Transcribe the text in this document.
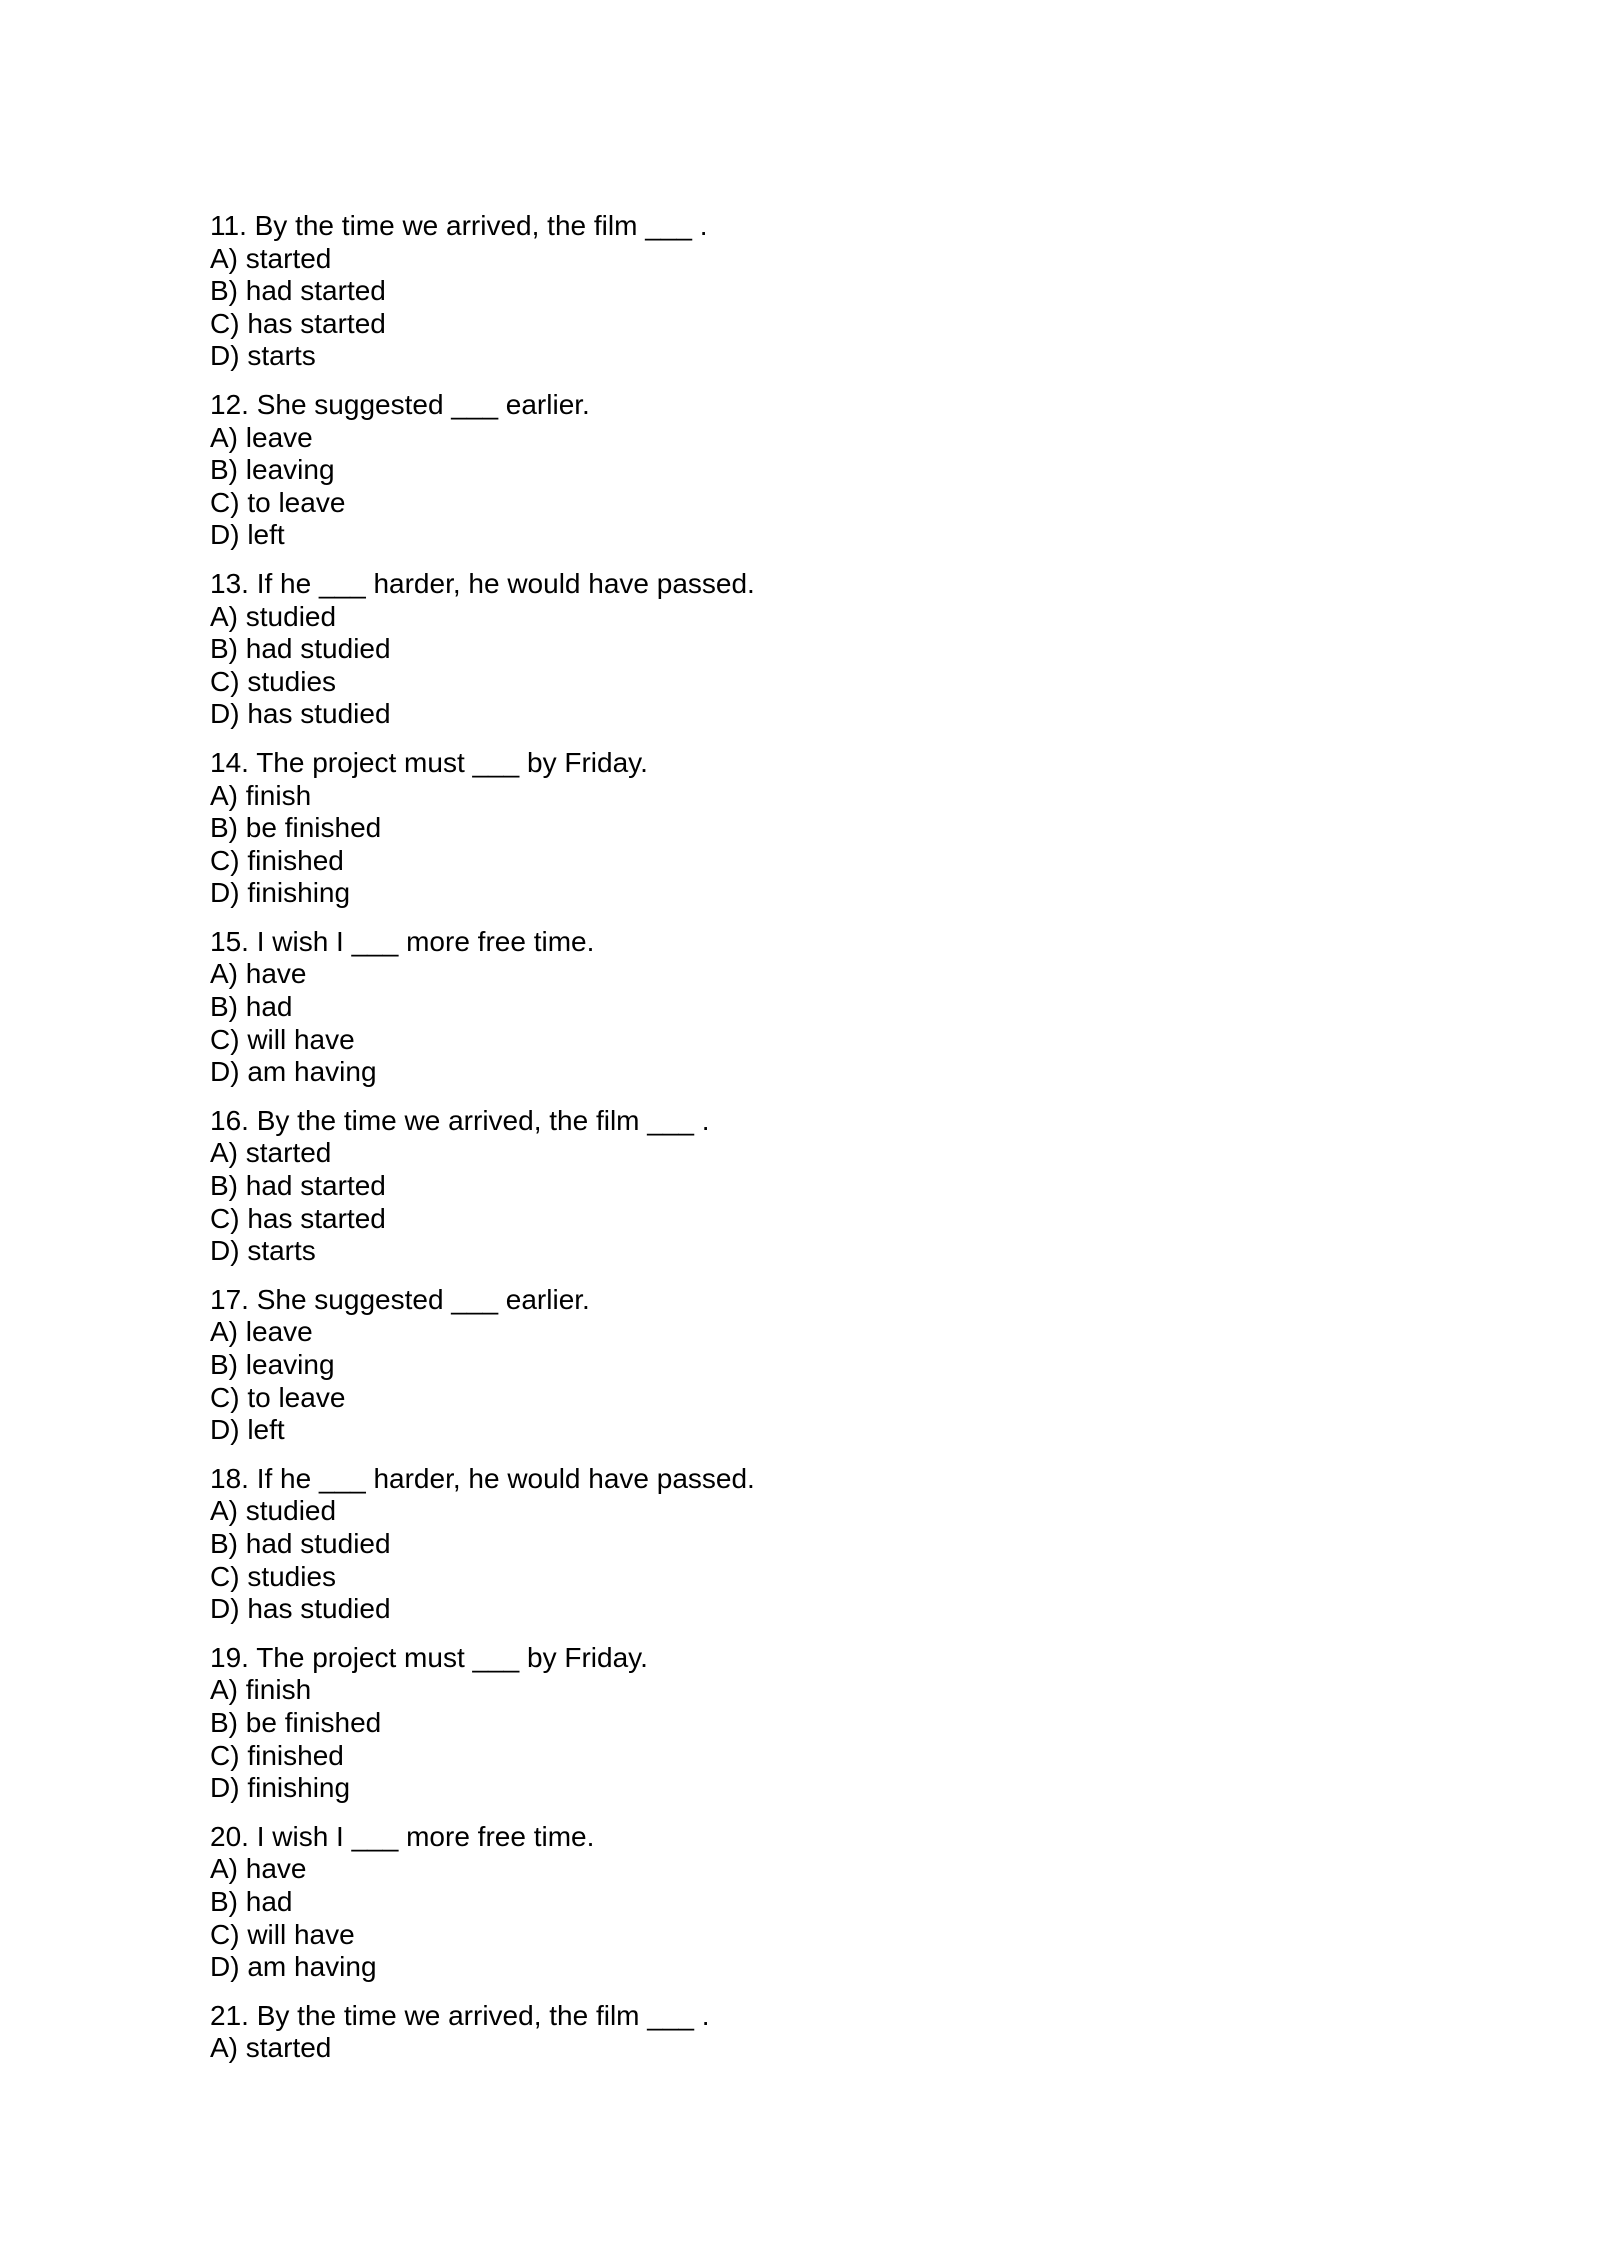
11. By the time we arrived, the film ___ .

A) started

B) had started

C) has started

D) starts

12. She suggested ___ earlier.

A) leave

B) leaving

C) to leave

D) left

13. If he ___ harder, he would have passed.

A) studied

B) had studied

C) studies

D) has studied

14. The project must ___ by Friday.

A) finish

B) be finished

C) finished

D) finishing

15. I wish I ___ more free time.

A) have

B) had

C) will have

D) am having

16. By the time we arrived, the film ___ .

A) started

B) had started

C) has started

D) starts

17. She suggested ___ earlier.

A) leave

B) leaving

C) to leave

D) left

18. If he ___ harder, he would have passed.

A) studied

B) had studied

C) studies

D) has studied

19. The project must ___ by Friday.

A) finish

B) be finished

C) finished

D) finishing

20. I wish I ___ more free time.

A) have

B) had

C) will have

D) am having

21. By the time we arrived, the film ___ .

A) started
